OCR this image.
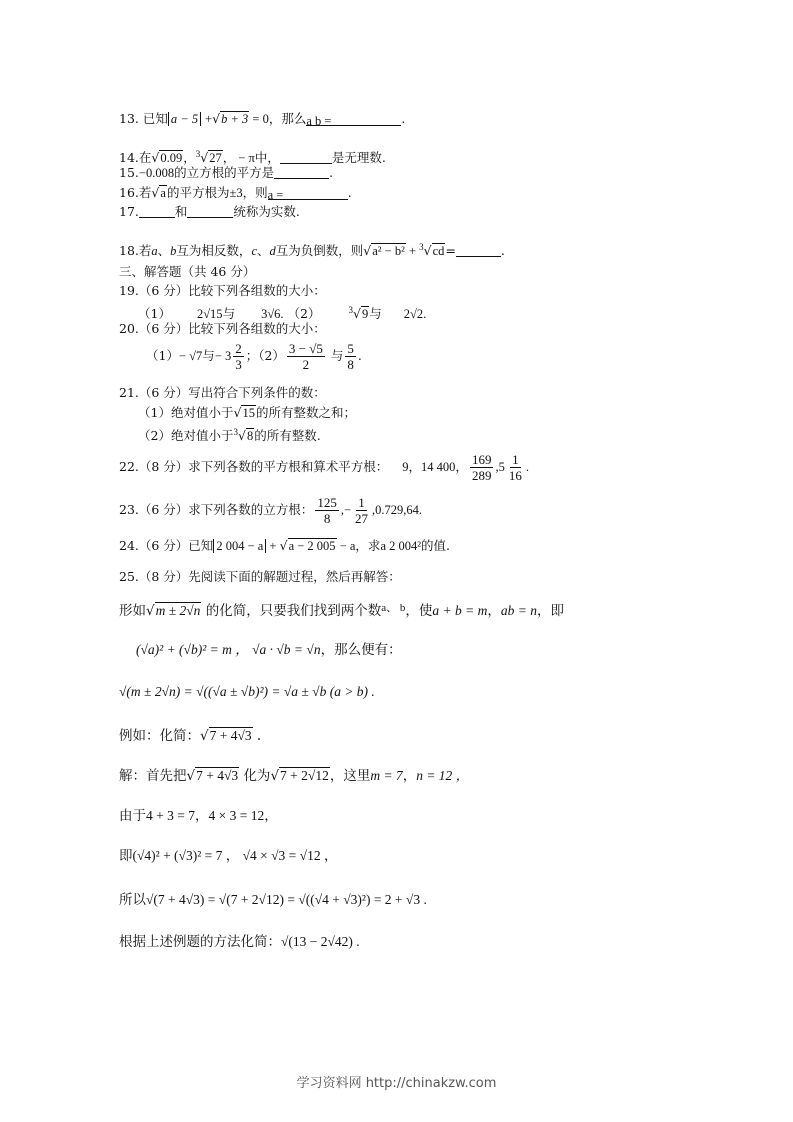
13. 已知 a − 5 +√b + 3 = 0，那么a b =	.
14.在√0.09，$^3$√27， − π中，	是无理数.
15.−0.008的立方根的平方是	.
16.若√a的平方根为±3，则a =	.
17.	和	统称为实数.
18.若a、b互为相反数，c、d互为负倒数，则√a² − b² + $^3$√cd=	.
三、解答题（共 46 分）
19.（6 分）比较下列各组数的大小：
（1） 2√15与 3√6. （2）	$^3$√9与 2√2.
20.（6 分）比较下列各组数的大小：
（1）− √7与− $3 \frac{2}{3}$ ；$(2) \frac{3 - √5}{2}$ 与 $\frac{5}{8}$ .
21.（6 分）写出符合下列条件的数：
（1）绝对值小于√15的所有整数之和；
（2）绝对值小于$^3$√8的所有整数.
22.（8 分）求下列各数的平方根和算术平方根： 9，14 400， $\frac{169}{289} ,5 \frac{1}{16}$ .
23.（6 分）求下列各数的立方根： $\frac{125}{8}$ ,− $\frac{1}{27} ,0.729,64$.
24.（6 分）已知 2 004 − a + √a − 2 005 − a，求a 2 004²的值.
25.（8 分）先阅读下面的解题过程，然后再解答：
形如√m ± 2√n 的化简，只要我们找到两个数$^{a、 b}$，使a + b = m，ab = n，即
(√a)² + (√b)² = m ， √a · √b = √n，那么便有：
√(m ± 2√n) = √((√a ± √b)²) = √a ± √b (a > b) .
例如：化简：√7 + 4√3 .
解：首先把√7 + 4√3 化为√7 + 2√12，这里m = 7，n = 12 ，
由于4 + 3 = 7，4 × 3 = 12，
即(√4)² + (√3)² = 7 ， √4 × √3 = √12 ，
所以√(7 + 4√3) = √(7 + 2√12) = √((√4 + √3)²) = 2 + √3 .
根据上述例题的方法化简：√(13 − 2√42) .
学习资料网 http://chinakzw.com
